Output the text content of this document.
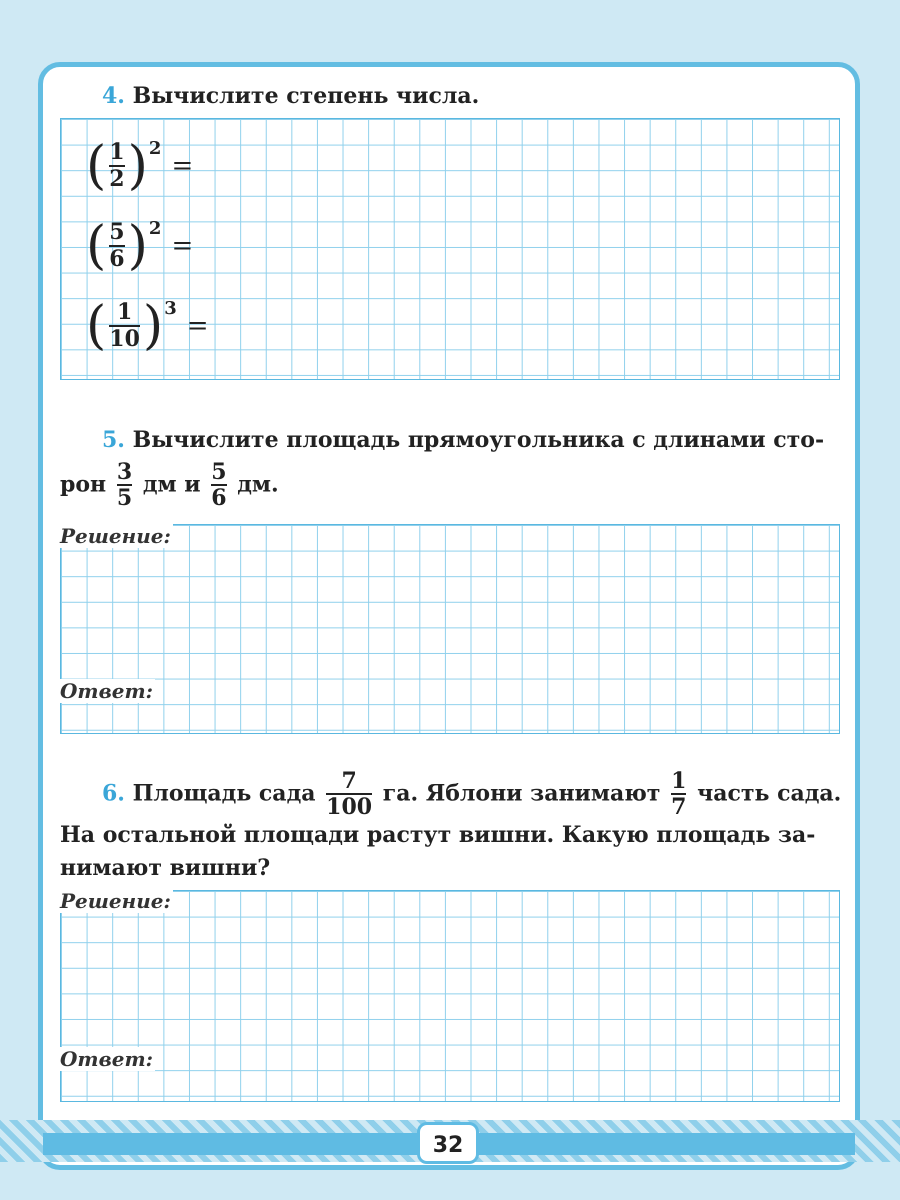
4. Вычислите степень числа.
( $\frac{1}{2}$ ) 2
=
( $\frac{5}{6}$ ) 2
=
( $\frac{1}{10}$ ) 3
=
5. Вычислите площадь прямоугольника с длинами сто-
рон $\frac{3}{5}$ дм и $\frac{5}{6}$ дм.
Решение:
Ответ:
6. Площадь сада $\frac{7}{100}$ га. Яблони занимают $\frac{1}{7}$ часть сада.
На остальной площади растут вишни. Какую площадь за-
нимают вишни?
Решение:
Ответ:
32
